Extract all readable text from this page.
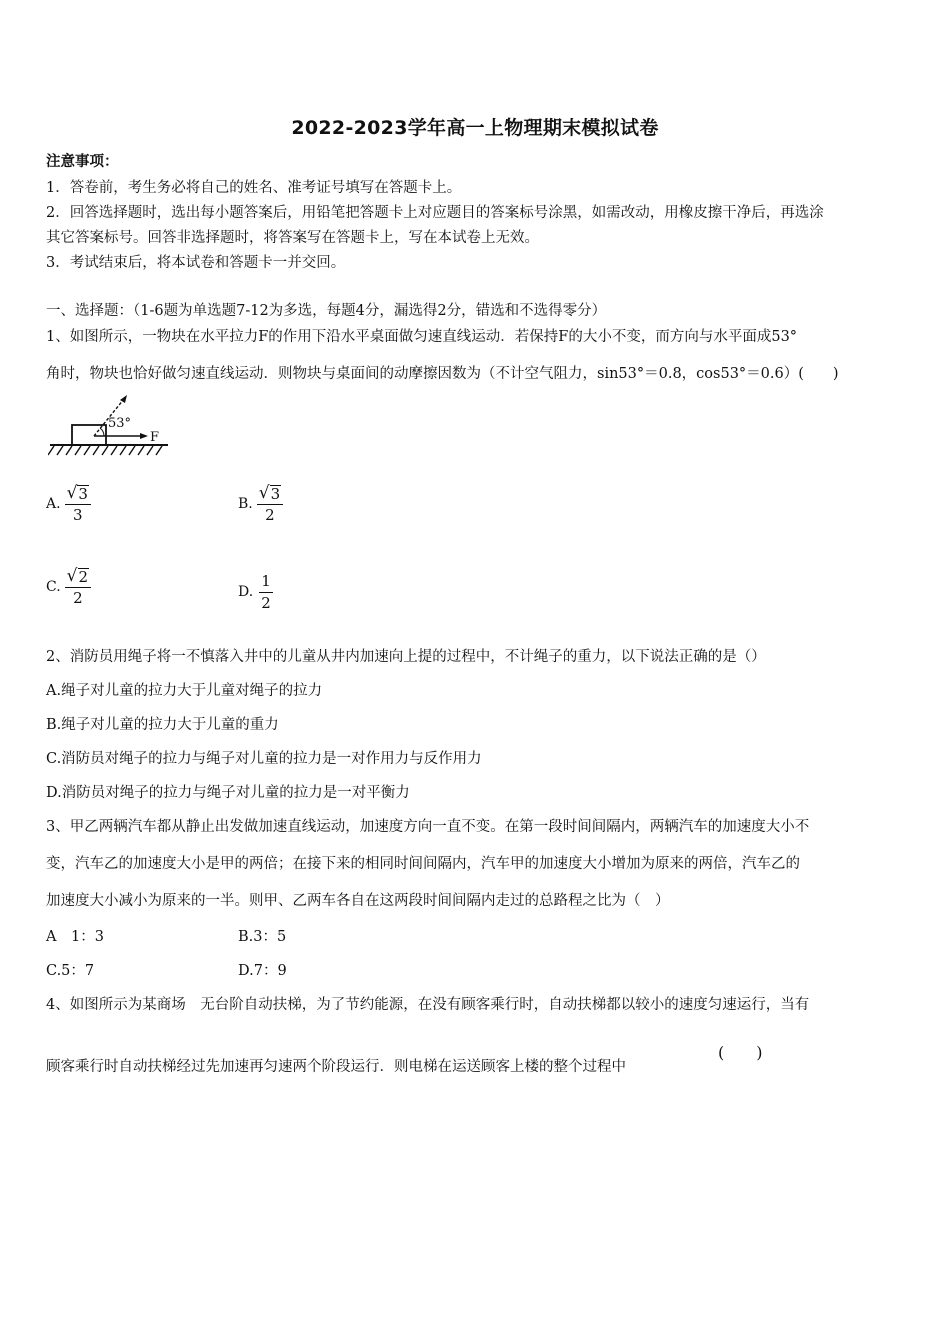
2022-2023学年高一上物理期末模拟试卷
注意事项：
1．答卷前，考生务必将自己的姓名、准考证号填写在答题卡上。
2．回答选择题时，选出每小题答案后，用铅笔把答题卡上对应题目的答案标号涂黑，如需改动，用橡皮擦干净后，再选涂
其它答案标号。回答非选择题时，将答案写在答题卡上，写在本试卷上无效。
3．考试结束后，将本试卷和答题卡一并交回。
一、选择题：（1-6题为单选题7-12为多选，每题4分，漏选得2分，错选和不选得零分）
1、如图所示，一物块在水平拉力F的作用下沿水平桌面做匀速直线运动．若保持F的大小不变，而方向与水平面成53°
角时，物块也恰好做匀速直线运动．则物块与桌面间的动摩擦因数为（不计空气阻力，sin53°＝0.8，cos53°＝0.6）(　　)
53°
F
A. $\frac{√ 3}{3}$	B. $\frac{√ 3}{2}$
C. $\frac{√ 2}{2}$	D. $\frac{1}{2}$
2、消防员用绳子将一不慎落入井中的儿童从井内加速向上提的过程中，不计绳子的重力，以下说法正确的是（）
A.绳子对儿童的拉力大于儿童对绳子的拉力
B.绳子对儿童的拉力大于儿童的重力
C.消防员对绳子的拉力与绳子对儿童的拉力是一对作用力与反作用力
D.消防员对绳子的拉力与绳子对儿童的拉力是一对平衡力
3、甲乙两辆汽车都从静止出发做加速直线运动，加速度方向一直不变。在第一段时间间隔内，两辆汽车的加速度大小不
变，汽车乙的加速度大小是甲的两倍；在接下来的相同时间间隔内，汽车甲的加速度大小增加为原来的两倍，汽车乙的
加速度大小减小为原来的一半。则甲、乙两车各自在这两段时间间隔内走过的总路程之比为（　）
A　1：3	B.3：5
C.5：7	D.7：9
4、如图所示为某商场　无台阶自动扶梯，为了节约能源，在没有顾客乘行时，自动扶梯都以较小的速度匀速运行，当有
顾客乘行时自动扶梯经过先加速再匀速两个阶段运行．则电梯在运送顾客上楼的整个过程中
(　　)
